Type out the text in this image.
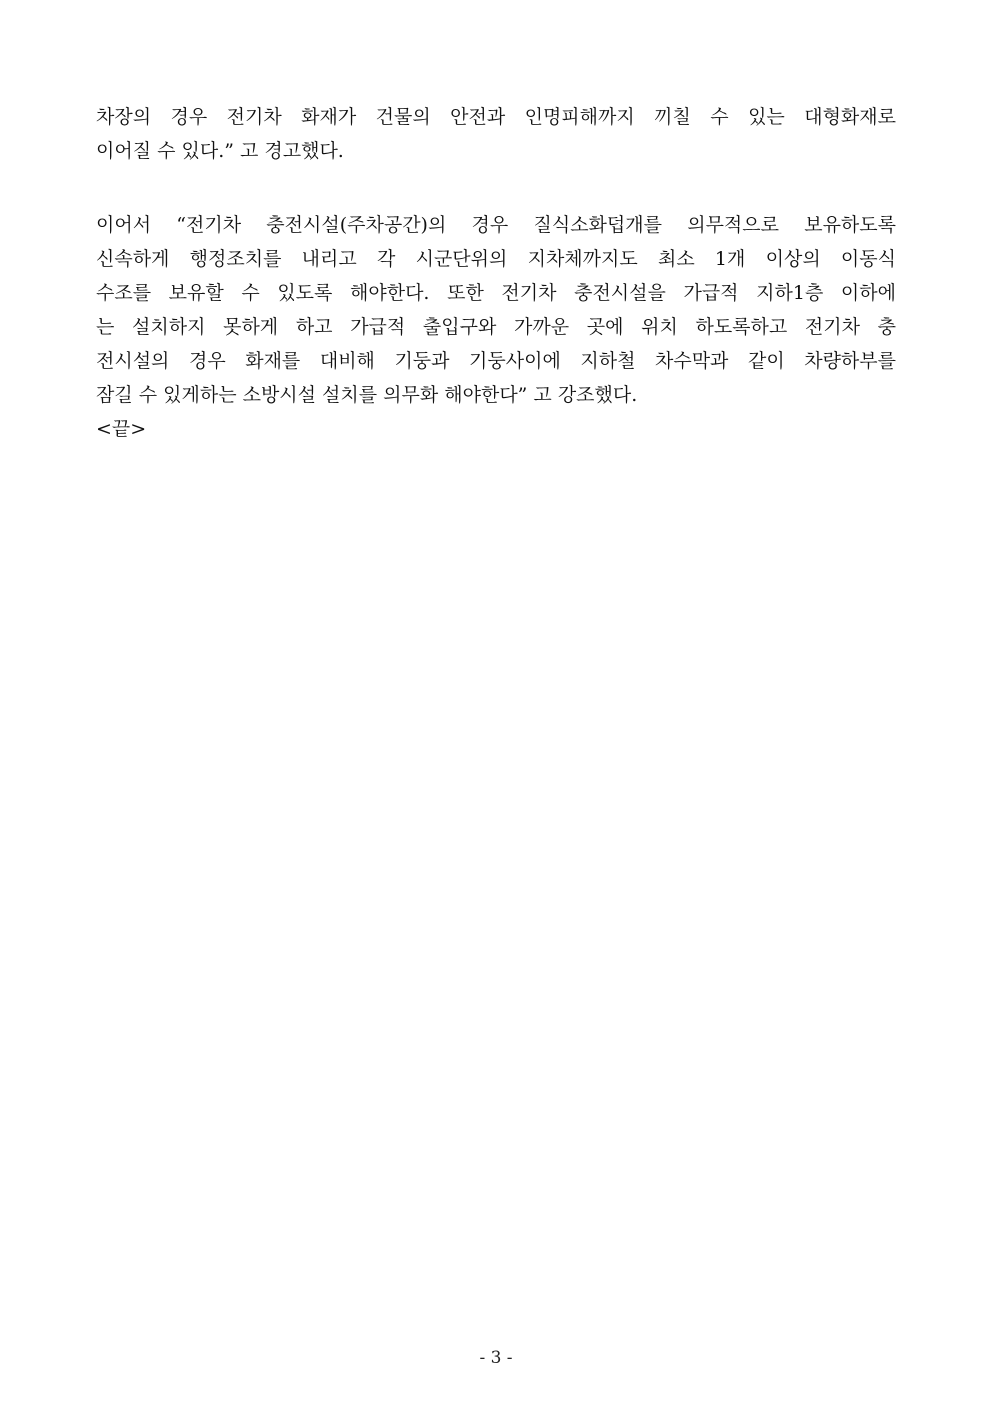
차장의 경우 전기차 화재가 건물의 안전과 인명피해까지 끼칠 수 있는 대형화재로
이어질 수 있다.” 고 경고했다.
이어서 “전기차 충전시설(주차공간)의 경우 질식소화덥개를 의무적으로 보유하도록
신속하게 행정조치를 내리고 각 시군단위의 지차체까지도 최소 1개 이상의 이동식
수조를 보유할 수 있도록 해야한다. 또한 전기차 충전시설을 가급적 지하1층 이하에
는 설치하지 못하게 하고 가급적 출입구와 가까운 곳에 위치 하도록하고 전기차 충
전시설의 경우 화재를 대비해 기둥과 기둥사이에 지하철 차수막과 같이 차량하부를
잠길 수 있게하는 소방시설 설치를 의무화 해야한다” 고 강조했다.
<끝>
- 3 -
